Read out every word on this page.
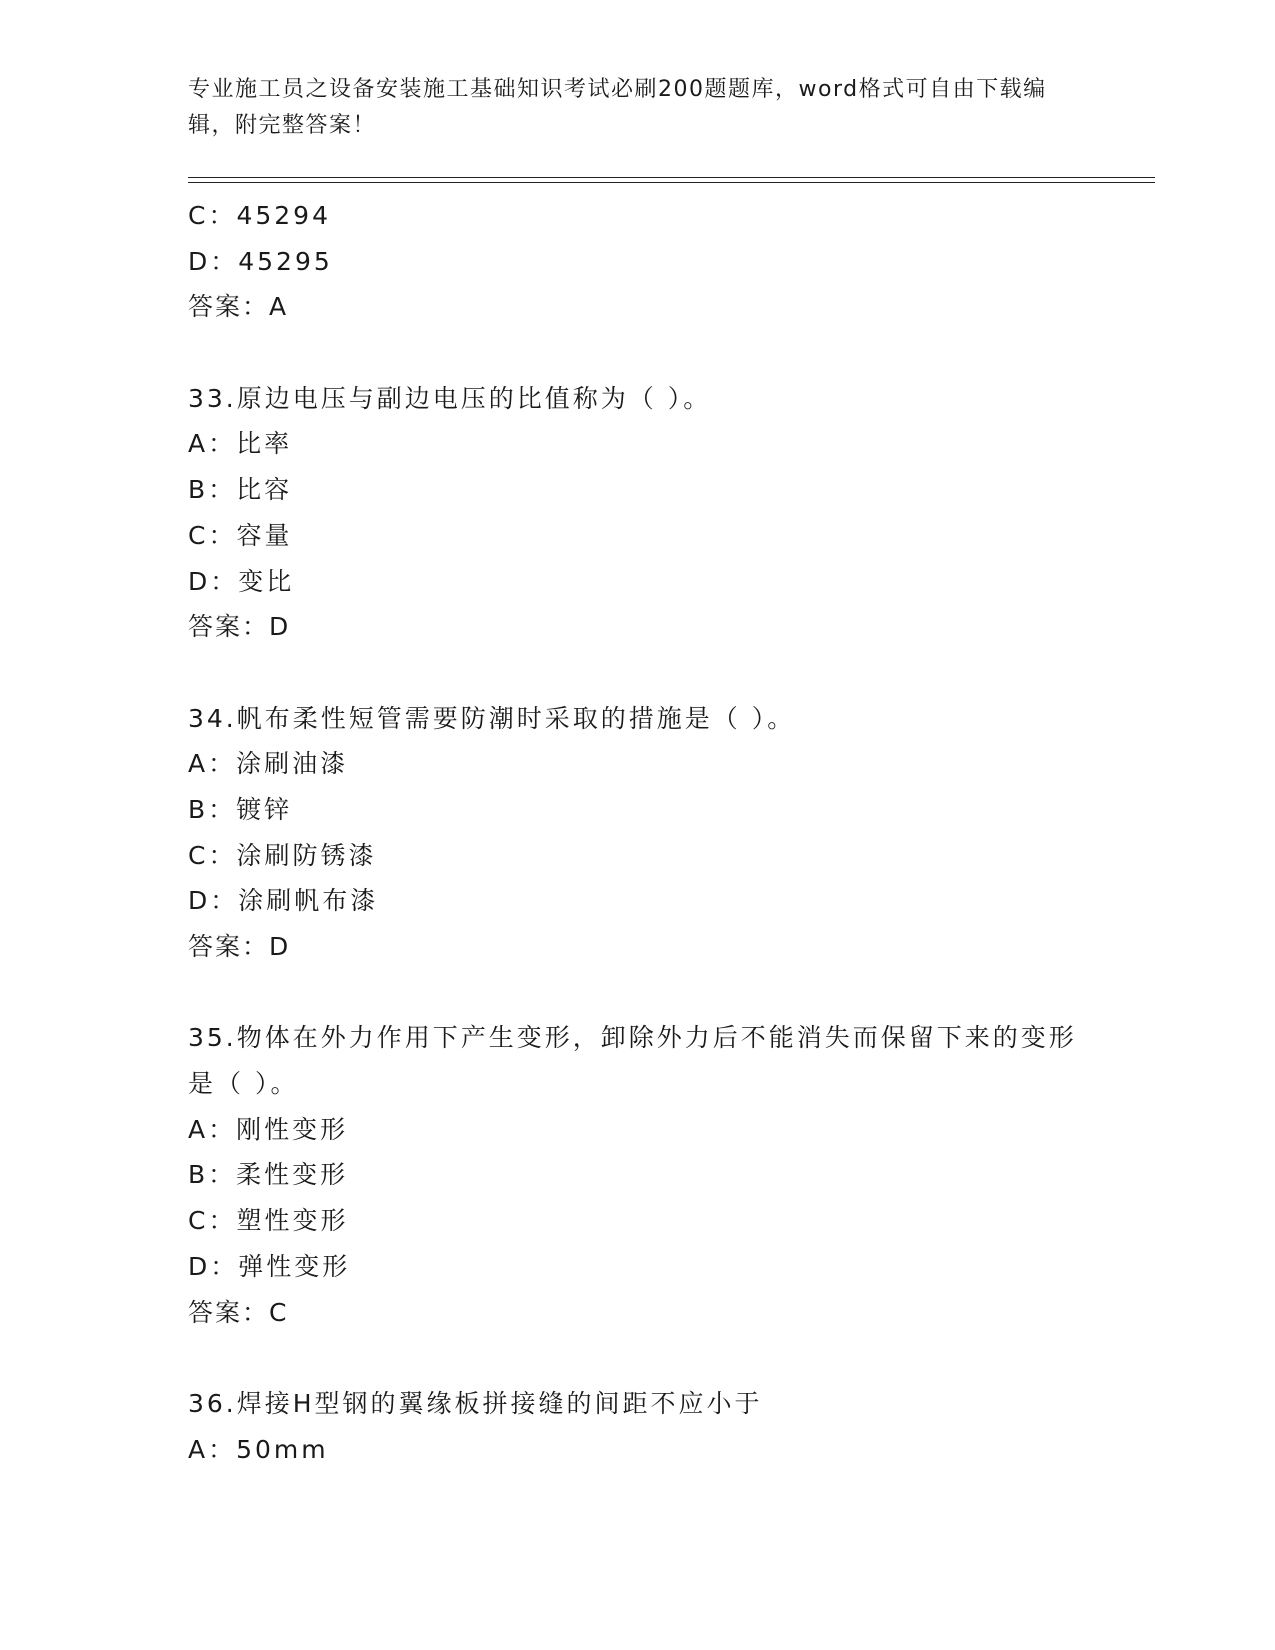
专业施工员之设备安装施工基础知识考试必刷200题题库，word格式可自由下载编辑，附完整答案！
C：45294
D：45295
答案：A
33.原边电压与副边电压的比值称为（ ）。
A：比率
B：比容
C：容量
D：变比
答案：D
34.帆布柔性短管需要防潮时采取的措施是（ ）。
A：涂刷油漆
B：镀锌
C：涂刷防锈漆
D：涂刷帆布漆
答案：D
35.物体在外力作用下产生变形，卸除外力后不能消失而保留下来的变形是（ ）。
A：刚性变形
B：柔性变形
C：塑性变形
D：弹性变形
答案：C
36.焊接H型钢的翼缘板拼接缝的间距不应小于
A：50mm
